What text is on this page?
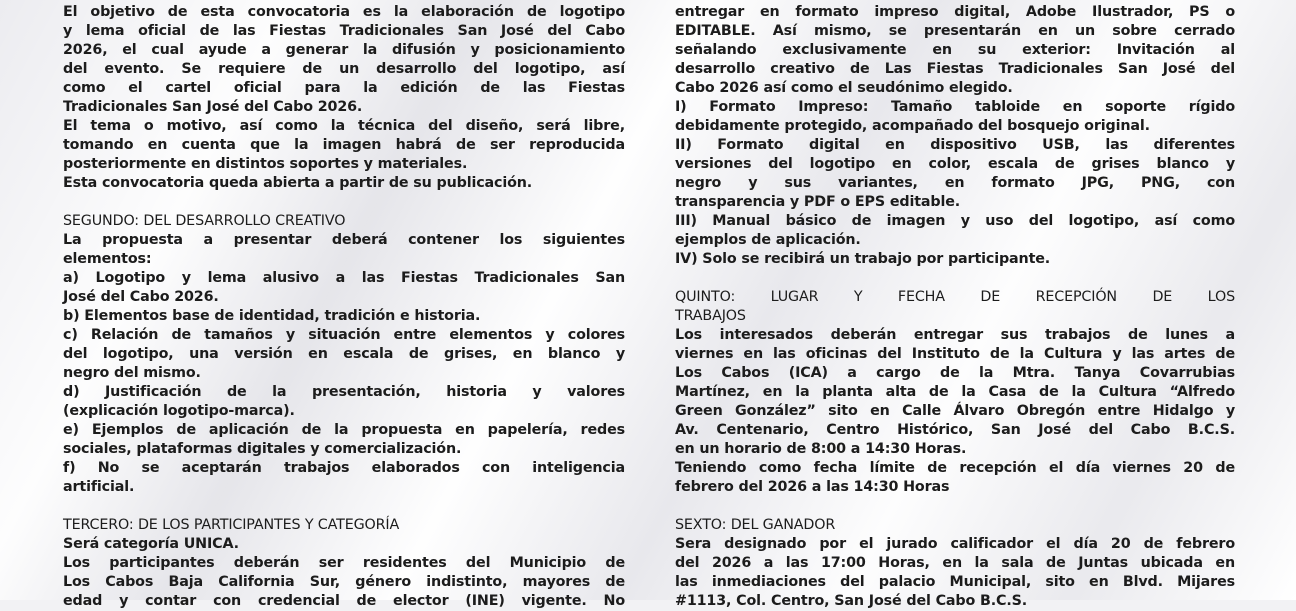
El objetivo de esta convocatoria es la elaboración de logotipo
y lema oficial de las Fiestas Tradicionales San José del Cabo
2026, el cual ayude a generar la difusión y posicionamiento
del evento. Se requiere de un desarrollo del logotipo, así
como el cartel oficial para la edición de las Fiestas
Tradicionales San José del Cabo 2026.
El tema o motivo, así como la técnica del diseño, será libre,
tomando en cuenta que la imagen habrá de ser reproducida
posteriormente en distintos soportes y materiales.
Esta convocatoria queda abierta a partir de su publicación.
SEGUNDO: DEL DESARROLLO CREATIVO
La propuesta a presentar deberá contener los siguientes
elementos:
a) Logotipo y lema alusivo a las Fiestas Tradicionales San
José del Cabo 2026.
b) Elementos base de identidad, tradición e historia.
c) Relación de tamaños y situación entre elementos y colores
del logotipo, una versión en escala de grises, en blanco y
negro del mismo.
d) Justificación de la presentación, historia y valores
(explicación logotipo-marca).
e) Ejemplos de aplicación de la propuesta en papelería, redes
sociales, plataformas digitales y comercialización.
f) No se aceptarán trabajos elaborados con inteligencia
artificial.
TERCERO: DE LOS PARTICIPANTES Y CATEGORÍA
Será categoría UNICA.
Los participantes deberán ser residentes del Municipio de
Los Cabos Baja California Sur, género indistinto, mayores de
edad y contar con credencial de elector (INE) vigente. No
entregar en formato impreso digital, Adobe Ilustrador, PS o
EDITABLE. Así mismo, se presentarán en un sobre cerrado
señalando exclusivamente en su exterior: Invitación al
desarrollo creativo de Las Fiestas Tradicionales San José del
Cabo 2026 así como el seudónimo elegido.
I) Formato Impreso: Tamaño tabloide en soporte rígido
debidamente protegido, acompañado del bosquejo original.
II) Formato digital en dispositivo USB, las diferentes
versiones del logotipo en color, escala de grises blanco y
negro y sus variantes, en formato JPG, PNG, con
transparencia y PDF o EPS editable.
III) Manual básico de imagen y uso del logotipo, así como
ejemplos de aplicación.
IV) Solo se recibirá un trabajo por participante.
QUINTO: LUGAR Y FECHA DE RECEPCIÓN DE LOS
TRABAJOS
Los interesados deberán entregar sus trabajos de lunes a
viernes en las oficinas del Instituto de la Cultura y las artes de
Los Cabos (ICA) a cargo de la Mtra. Tanya Covarrubias
Martínez, en la planta alta de la Casa de la Cultura “Alfredo
Green González” sito en Calle Álvaro Obregón entre Hidalgo y
Av. Centenario, Centro Histórico, San José del Cabo B.C.S.
en un horario de 8:00 a 14:30 Horas.
Teniendo como fecha límite de recepción el día viernes 20 de
febrero del 2026 a las 14:30 Horas
SEXTO: DEL GANADOR
Sera designado por el jurado calificador el día 20 de febrero
del 2026 a las 17:00 Horas, en la sala de Juntas ubicada en
las inmediaciones del palacio Municipal, sito en Blvd. Mijares
#1113, Col. Centro, San José del Cabo B.C.S.
